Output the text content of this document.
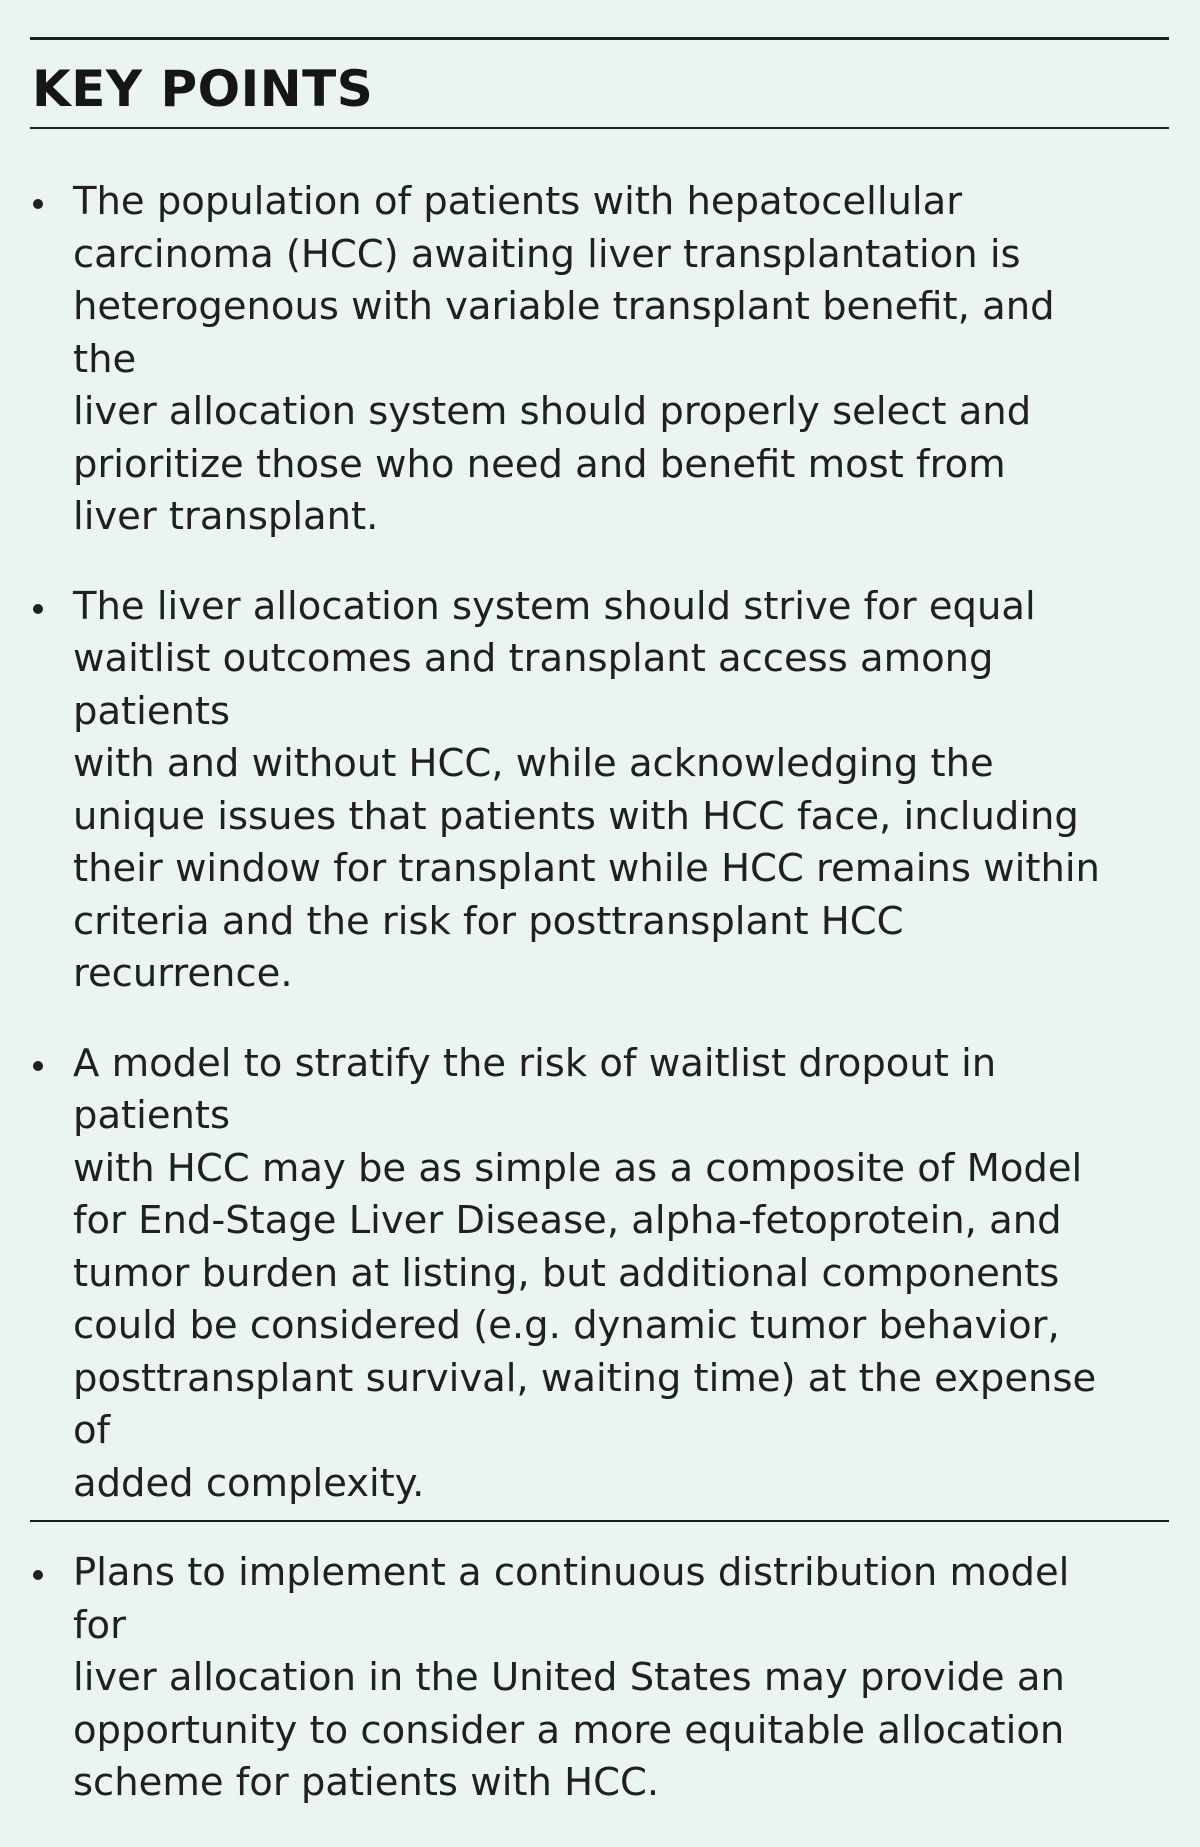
KEY POINTS
The population of patients with hepatocellular
carcinoma (HCC) awaiting liver transplantation is
heterogenous with variable transplant benefit, and the
liver allocation system should properly select and
prioritize those who need and benefit most from
liver transplant.
The liver allocation system should strive for equal
waitlist outcomes and transplant access among patients
with and without HCC, while acknowledging the
unique issues that patients with HCC face, including
their window for transplant while HCC remains within
criteria and the risk for posttransplant HCC recurrence.
A model to stratify the risk of waitlist dropout in patients
with HCC may be as simple as a composite of Model
for End-Stage Liver Disease, alpha-fetoprotein, and
tumor burden at listing, but additional components
could be considered (e.g. dynamic tumor behavior,
posttransplant survival, waiting time) at the expense of
added complexity.
Plans to implement a continuous distribution model for
liver allocation in the United States may provide an
opportunity to consider a more equitable allocation
scheme for patients with HCC.
